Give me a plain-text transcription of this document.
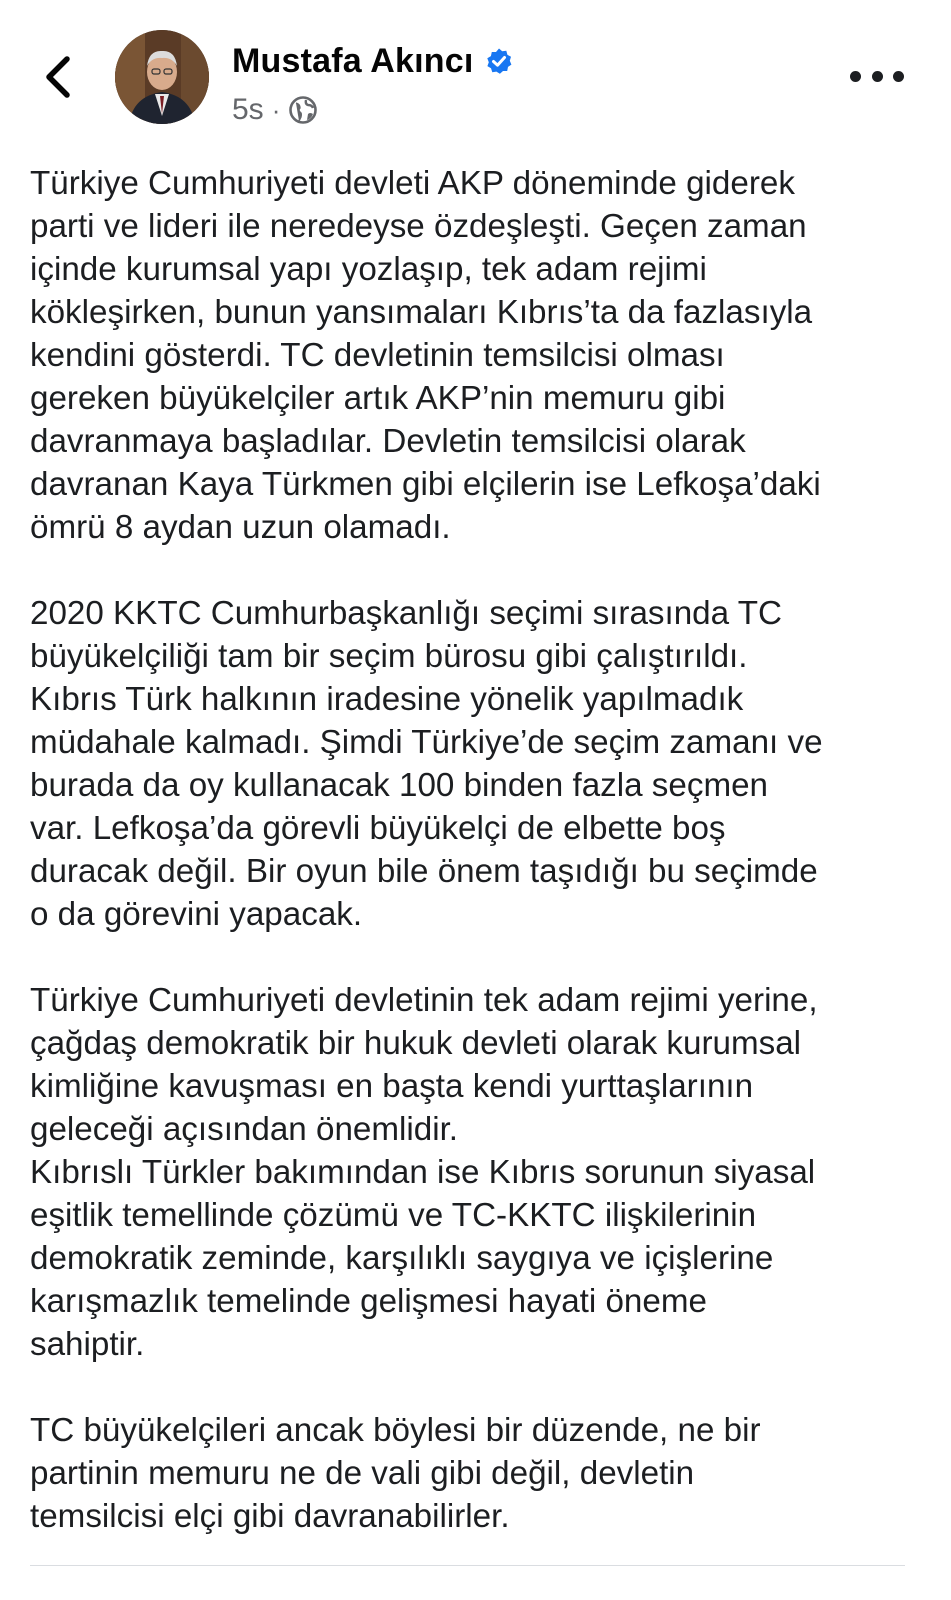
Mustafa Akıncı
5s ·

Türkiye Cumhuriyeti devleti AKP döneminde giderek
parti ve lideri ile neredeyse özdeşleşti. Geçen zaman
içinde kurumsal yapı yozlaşıp, tek adam rejimi
kökleşirken, bunun yansımaları Kıbrıs’ta da fazlasıyla
kendini gösterdi. TC devletinin temsilcisi olması
gereken büyükelçiler artık AKP’nin memuru gibi
davranmaya başladılar. Devletin temsilcisi olarak
davranan Kaya Türkmen gibi elçilerin ise Lefkoşa’daki
ömrü 8 aydan uzun olamadı.

2020 KKTC Cumhurbaşkanlığı seçimi sırasında TC
büyükelçiliği tam bir seçim bürosu gibi çalıştırıldı.
Kıbrıs Türk halkının iradesine yönelik yapılmadık
müdahale kalmadı. Şimdi Türkiye’de seçim zamanı ve
burada da oy kullanacak 100 binden fazla seçmen
var. Lefkoşa’da görevli büyükelçi de elbette boş
duracak değil. Bir oyun bile önem taşıdığı bu seçimde
o da görevini yapacak.

Türkiye Cumhuriyeti devletinin tek adam rejimi yerine,
çağdaş demokratik bir hukuk devleti olarak kurumsal
kimliğine kavuşması en başta kendi yurttaşlarının
geleceği açısından önemlidir.

Kıbrıslı Türkler bakımından ise Kıbrıs sorunun siyasal
eşitlik temellinde çözümü ve TC-KKTC ilişkilerinin
demokratik zeminde, karşılıklı saygıya ve içişlerine
karışmazlık temelinde gelişmesi hayati öneme
sahiptir.

TC büyükelçileri ancak böylesi bir düzende, ne bir
partinin memuru ne de vali gibi değil, devletin
temsilcisi elçi gibi davranabilirler.
